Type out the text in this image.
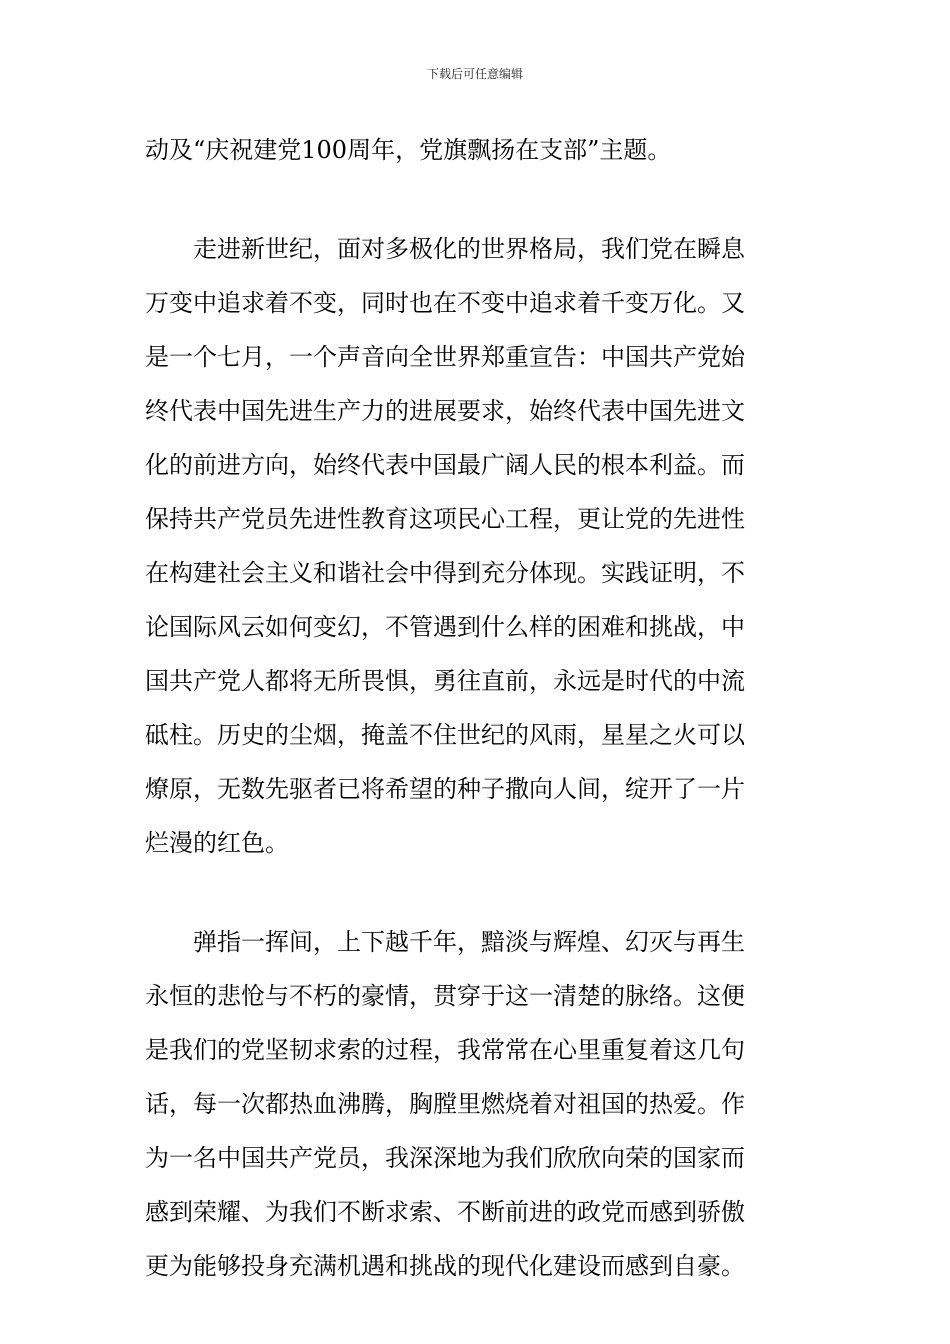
下载后可任意编辑
动及“庆祝建党100周年，党旗飘扬在支部”主题。
走进新世纪，面对多极化的世界格局，我们党在瞬息
万变中追求着不变，同时也在不变中追求着千变万化。又
是一个七月，一个声音向全世界郑重宣告：中国共产党始
终代表中国先进生产力的进展要求，始终代表中国先进文
化的前进方向，始终代表中国最广阔人民的根本利益。而
保持共产党员先进性教育这项民心工程，更让党的先进性
在构建社会主义和谐社会中得到充分体现。实践证明，不
论国际风云如何变幻，不管遇到什么样的困难和挑战，中
国共产党人都将无所畏惧，勇往直前，永远是时代的中流
砥柱。历史的尘烟，掩盖不住世纪的风雨，星星之火可以
燎原，无数先驱者已将希望的种子撒向人间，绽开了一片
烂漫的红色。
弹指一挥间，上下越千年，黯淡与辉煌、幻灭与再生
永恒的悲怆与不朽的豪情，贯穿于这一清楚的脉络。这便
是我们的党坚韧求索的过程，我常常在心里重复着这几句
话，每一次都热血沸腾，胸膛里燃烧着对祖国的热爱。作
为一名中国共产党员，我深深地为我们欣欣向荣的国家而
感到荣耀、为我们不断求索、不断前进的政党而感到骄傲
更为能够投身充满机遇和挑战的现代化建设而感到自豪。
